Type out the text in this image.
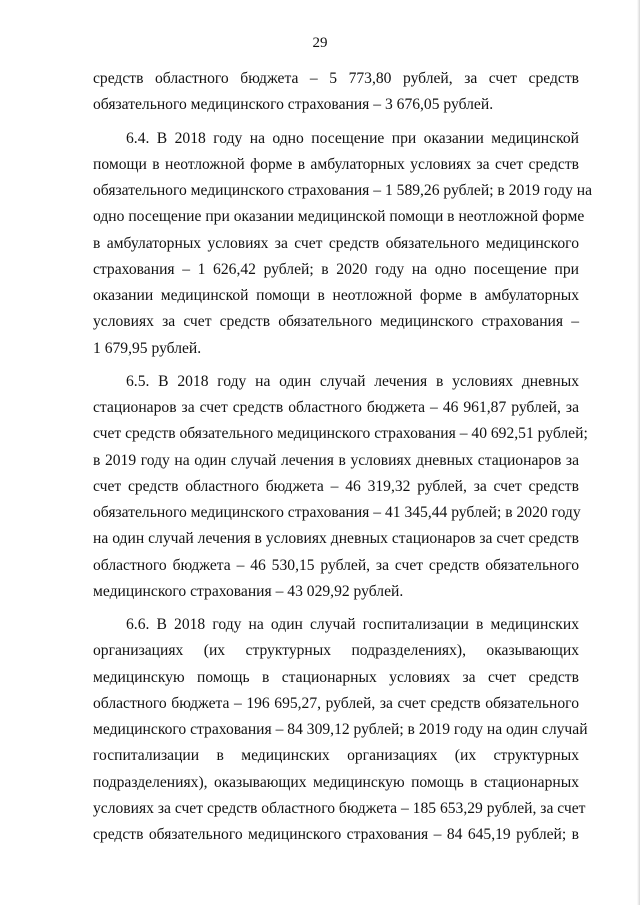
29
средств областного бюджета – 5 773,80 рублей, за счет средств
обязательного медицинского страхования – 3 676,05 рублей.
6.4. В 2018 году на одно посещение при оказании медицинской
помощи в неотложной форме в амбулаторных условиях за счет средств
обязательного медицинского страхования – 1 589,26 рублей; в 2019 году на
одно посещение при оказании медицинской помощи в неотложной форме
в амбулаторных условиях за счет средств обязательного медицинского
страхования – 1 626,42 рублей; в 2020 году на одно посещение при
оказании медицинской помощи в неотложной форме в амбулаторных
условиях за счет средств обязательного медицинского страхования –
1 679,95 рублей.
6.5. В 2018 году на один случай лечения в условиях дневных
стационаров за счет средств областного бюджета – 46 961,87 рублей, за
счет средств обязательного медицинского страхования – 40 692,51 рублей;
в 2019 году на один случай лечения в условиях дневных стационаров за
счет средств областного бюджета – 46 319,32 рублей, за счет средств
обязательного медицинского страхования – 41 345,44 рублей; в 2020 году
на один случай лечения в условиях дневных стационаров за счет средств
областного бюджета – 46 530,15 рублей, за счет средств обязательного
медицинского страхования – 43 029,92 рублей.
6.6. В 2018 году на один случай госпитализации в медицинских
организациях (их структурных подразделениях), оказывающих
медицинскую помощь в стационарных условиях за счет средств
областного бюджета – 196 695,27, рублей, за счет средств обязательного
медицинского страхования – 84 309,12 рублей; в 2019 году на один случай
госпитализации в медицинских организациях (их структурных
подразделениях), оказывающих медицинскую помощь в стационарных
условиях за счет средств областного бюджета – 185 653,29 рублей, за счет
средств обязательного медицинского страхования – 84 645,19 рублей; в
